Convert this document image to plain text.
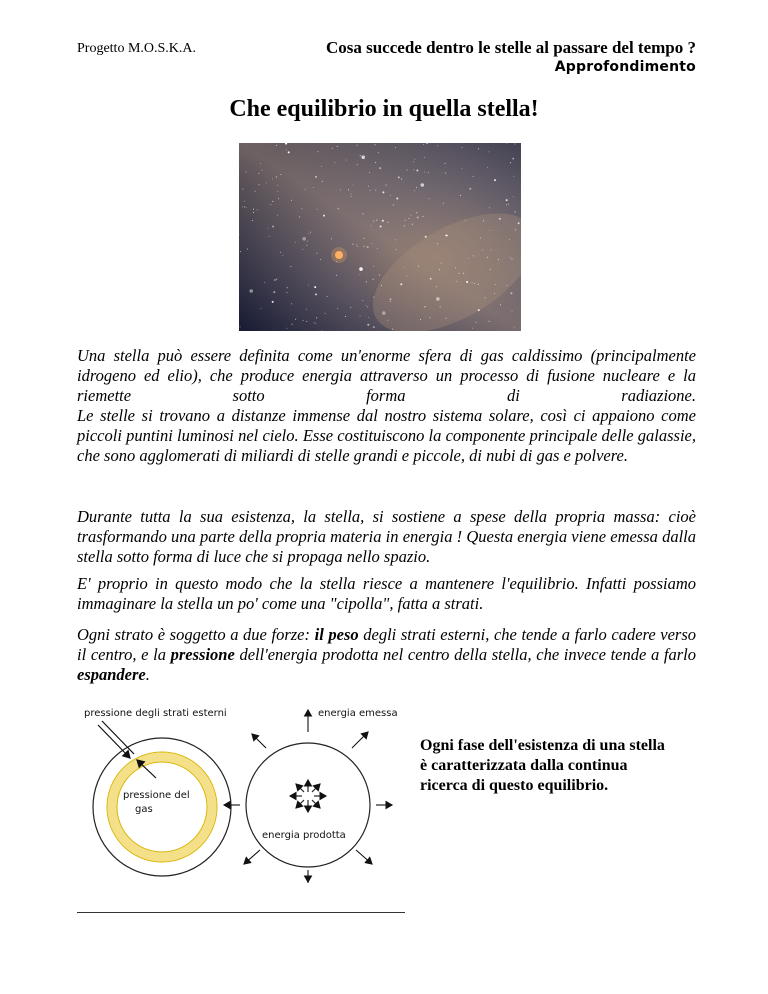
Progetto M.O.S.K.A.	Cosa succede dentro le stelle al passare del tempo ?
Approfondimento
Che equilibrio in quella stella!
Una stella può essere definita come un'enorme sfera di gas caldissimo (principalmente idrogeno ed elio), che produce energia attraverso un processo di fusione nucleare e la riemette sotto forma di radiazione.
Le stelle si trovano a distanze immense dal nostro sistema solare, così ci appaiono come piccoli puntini luminosi nel cielo. Esse costituiscono la componente principale delle galassie, che sono agglomerati di miliardi di stelle grandi e piccole, di nubi di gas e polvere.

Durante tutta la sua esistenza, la stella, si sostiene a spese della propria massa: cioè trasformando una parte della propria materia in energia ! Questa energia viene emessa dalla stella sotto forma di luce che si propaga nello spazio.

E' proprio in questo modo che la stella riesce a mantenere l'equilibrio. Infatti possiamo immaginare la stella un po' come una "cipolla", fatta a strati.

Ogni strato è soggetto a due forze: il peso degli strati esterni, che tende a farlo cadere verso il centro, e la pressione dell'energia prodotta nel centro della stella, che invece tende a farlo espandere.

pressione degli strati esterni
pressione del
gas
energia emessa
energia prodotta

Ogni fase dell'esistenza di una stella è caratterizzata dalla continua ricerca di questo equilibrio.
